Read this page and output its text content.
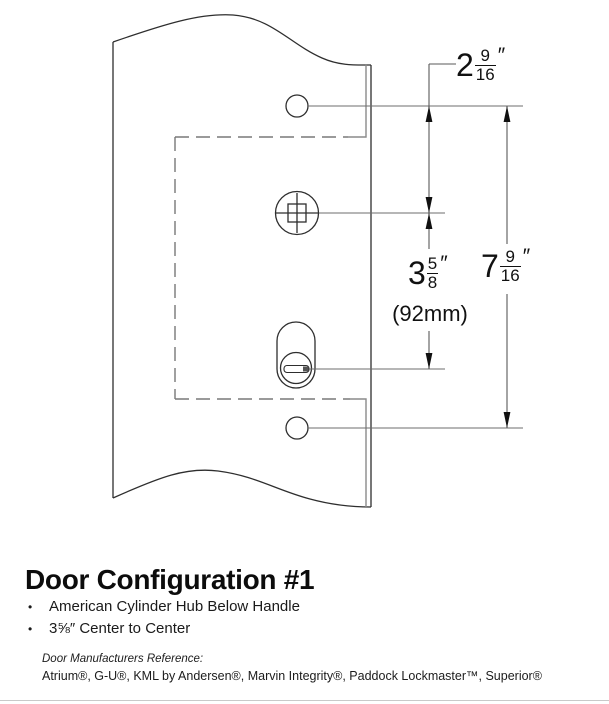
$2 \frac{9}{16}$ ″
$3 \frac{5}{8}$ ″
(92mm)
$7 \frac{9}{16}$ ″
Door Configuration #1
• American Cylinder Hub Below Handle
• 3⅝″ Center to Center
Door Manufacturers Reference:
Atrium®, G-U®, KML by Andersen®, Marvin Integrity®, Paddock Lockmaster™, Superior®
